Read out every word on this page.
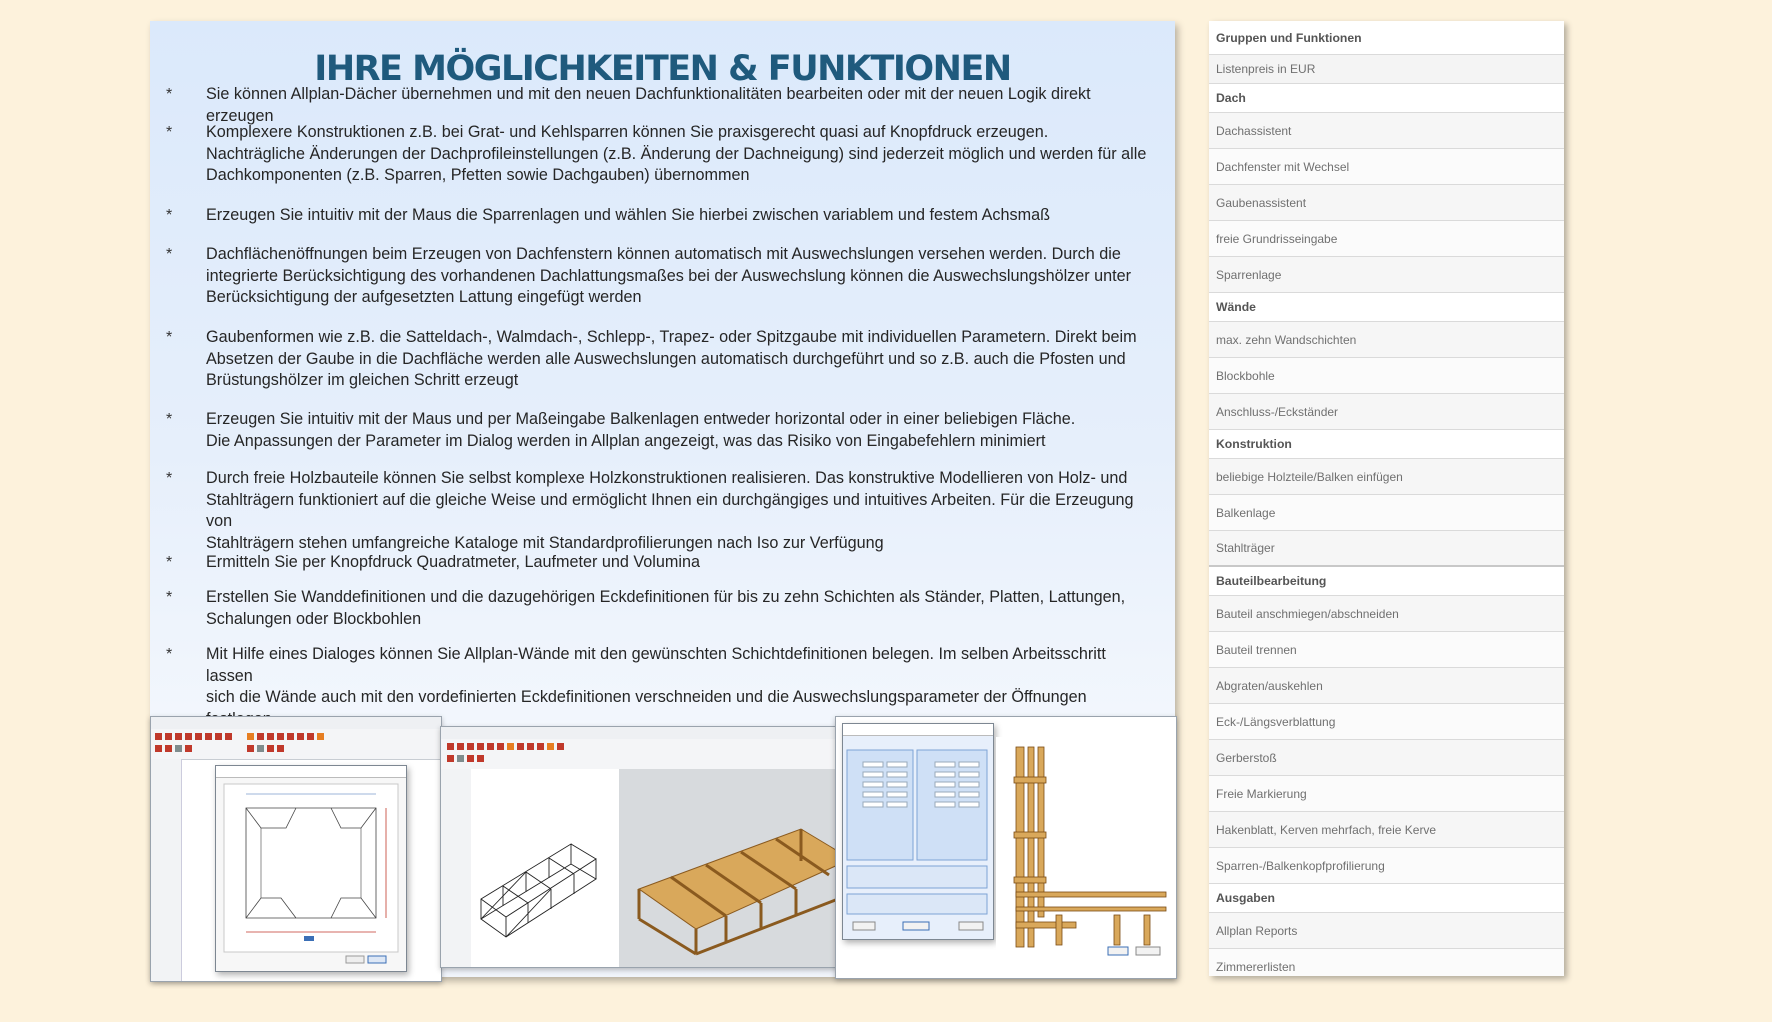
IHRE MÖGLICHKEITEN & FUNKTIONEN
* Sie können Allplan-Dächer übernehmen und mit den neuen Dachfunktionalitäten bearbeiten oder mit der neuen Logik direkt erzeugen
* Komplexere Konstruktionen z.B. bei Grat- und Kehlsparren können Sie praxisgerecht quasi auf Knopfdruck erzeugen.
Nachträgliche Änderungen der Dachprofileinstellungen (z.B. Änderung der Dachneigung) sind jederzeit möglich und werden für alle
Dachkomponenten (z.B. Sparren, Pfetten sowie Dachgauben) übernommen
* Erzeugen Sie intuitiv mit der Maus die Sparrenlagen und wählen Sie hierbei zwischen variablem und festem Achsmaß
* Dachflächenöffnungen beim Erzeugen von Dachfenstern können automatisch mit Auswechslungen versehen werden. Durch die
integrierte Berücksichtigung des vorhandenen Dachlattungsmaßes bei der Auswechslung können die Auswechslungshölzer unter
Berücksichtigung der aufgesetzten Lattung eingefügt werden
* Gaubenformen wie z.B. die Satteldach-, Walmdach-, Schlepp-, Trapez- oder Spitzgaube mit individuellen Parametern. Direkt beim
Absetzen der Gaube in die Dachfläche werden alle Auswechslungen automatisch durchgeführt und so z.B. auch die Pfosten und
Brüstungshölzer im gleichen Schritt erzeugt
* Erzeugen Sie intuitiv mit der Maus und per Maßeingabe Balkenlagen entweder horizontal oder in einer beliebigen Fläche.
Die Anpassungen der Parameter im Dialog werden in Allplan angezeigt, was das Risiko von Eingabefehlern minimiert
* Durch freie Holzbauteile können Sie selbst komplexe Holzkonstruktionen realisieren. Das konstruktive Modellieren von Holz- und
Stahlträgern funktioniert auf die gleiche Weise und ermöglicht Ihnen ein durchgängiges und intuitives Arbeiten. Für die Erzeugung von
Stahlträgern stehen umfangreiche Kataloge mit Standardprofilierungen nach Iso zur Verfügung
* Ermitteln Sie per Knopfdruck Quadratmeter, Laufmeter und Volumina
* Erstellen Sie Wanddefinitionen und die dazugehörigen Eckdefinitionen für bis zu zehn Schichten als Ständer, Platten, Lattungen,
Schalungen oder Blockbohlen
* Mit Hilfe eines Dialoges können Sie Allplan-Wände mit den gewünschten Schichtdefinitionen belegen. Im selben Arbeitsschritt lassen
sich die Wände auch mit den vordefinierten Eckdefinitionen verschneiden und die Auswechslungsparameter der Öffnungen
Gruppen und Funktionen
Listenpreis in EUR
Dach
Dachassistent
Dachfenster mit Wechsel
Gaubenassistent
freie Grundrisseingabe
Sparrenlage
Wände
max. zehn Wandschichten
Blockbohle
Anschluss-/Eckständer
Konstruktion
beliebige Holzteile/Balken einfügen
Balkenlage
Stahlträger
Bauteilbearbeitung
Bauteil anschmiegen/abschneiden
Bauteil trennen
Abgraten/auskehlen
Eck-/Längsverblattung
Gerberstoß
Freie Markierung
Hakenblatt, Kerven mehrfach, freie Kerve
Sparren-/Balkenkopfprofilierung
Ausgaben
Allplan Reports
Zimmererlisten
